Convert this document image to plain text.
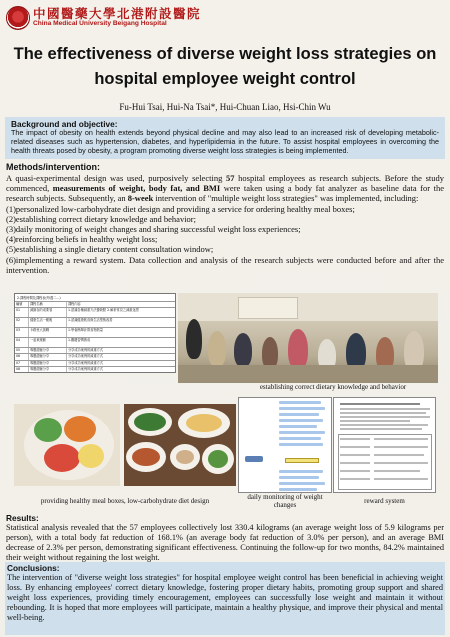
中國醫藥大學北港附設醫院
China Medical University Beigang Hospital
The effectiveness of diverse weight loss strategies on
hospital employee weight control
Fu-Hui Tsai, Hui-Na Tsai*, Hui-Chuan Liao, Hsi-Chin Wu
Background and objective:
The impact of obesity on health extends beyond physical decline and may also lead to an increased risk of developing metabolic-related diseases such as hypertension, diabetes, and hyperlipidemia in the future. To assist hospital employees in overcoming the health threats posed by obesity, a program promoting diverse weight loss strategies is being implemented.
Methods/intervention:

A quasi-experimental design was used, purposively selecting 57 hospital employees as research subjects. Before the study commenced, measurements of weight, body fat, and BMI were taken using a body fat analyzer as baseline data for the research subjects. Subsequently, an 8-week intervention of "multiple weight loss strategies" was implemented, including:

(1)personalized low-carbohydrate diet design and providing a service for ordering healthy meal boxes;
(2)establishing correct dietary knowledge and behavior;
(3)daily monitoring of weight changes and sharing successful weight loss experiences;
(4)reinforcing beliefs in healthy weight loss;
(5)establishing a single dietary content consultation window;
(6)implementing a reward system. Data collection and analysis of the research subjects were conducted before and after the intervention.
2.課程時間及課程表(每週二...)
編號	課程名稱	課程內容
01	減肺存的成要領	1.認識各種減重方法優缺點 2.解析常見之減重迷思
02	健康生活一應報	1.認識健康飲食與生活型態改善
03	卡路里大挑戰	1.學會簡單計算食物熱量
04	一起來運動	1.關鍵習慣養成
05	專題經驗分享	分享成功案例的減重方式
06	專題經驗分享	分享成功案例的減重方式
07	專題經驗分享	分享成功案例的減重方式
08	專題經驗分享	分享成功案例的減重方式
establishing correct dietary knowledge and behavior
providing healthy meal boxes, low-carbohydrate diet design	daily monitoring of weight changes	reward system
Results:

Statistical analysis revealed that the 57 employees collectively lost 330.4 kilograms (an average weight loss of 5.9 kilograms per person), with a total body fat reduction of 168.1% (an average body fat reduction of 3.0% per person), and an average BMI decrease of 2.3% per person, demonstrating significant effectiveness. Continuing the follow-up for two months, 84.2% maintained their weight without regaining the lost weight.

Conclusions:

The intervention of "diverse weight loss strategies" for hospital employee weight control has been beneficial in achieving weight loss. By enhancing employees' correct dietary knowledge, fostering proper dietary habits, promoting group support and shared weight loss experiences, providing timely encouragement, employees can successfully lose weight and maintain it without rebounding. It is hoped that more employees will participate, maintain a healthy physique, and improve their physical and mental well-being.
